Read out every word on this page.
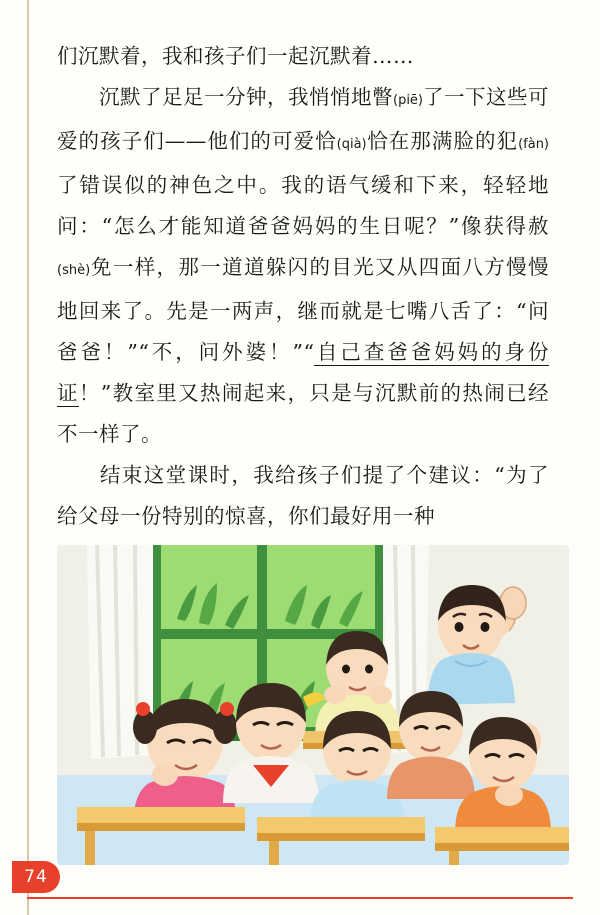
们沉默着，我和孩子们一起沉默着……

沉默了足足一分钟，我悄悄地瞥(piē)了一下这些可爱的孩子们——他们的可爱恰(qià)恰在那满脸的犯(fàn)了错误似的神色之中。我的语气缓和下来，轻轻地问：“怎么才能知道爸爸妈妈的生日呢？”像获得赦(shè)免一样，那一道道躲闪的目光又从四面八方慢慢地回来了。先是一两声，继而就是七嘴八舌了：“问爸爸！”“不，问外婆！”“自己查爸爸妈妈的身份证！”教室里又热闹起来，只是与沉默前的热闹已经不一样了。

结束这堂课时，我给孩子们提了个建议：“为了给父母一份特别的惊喜，你们最好用一种

74
